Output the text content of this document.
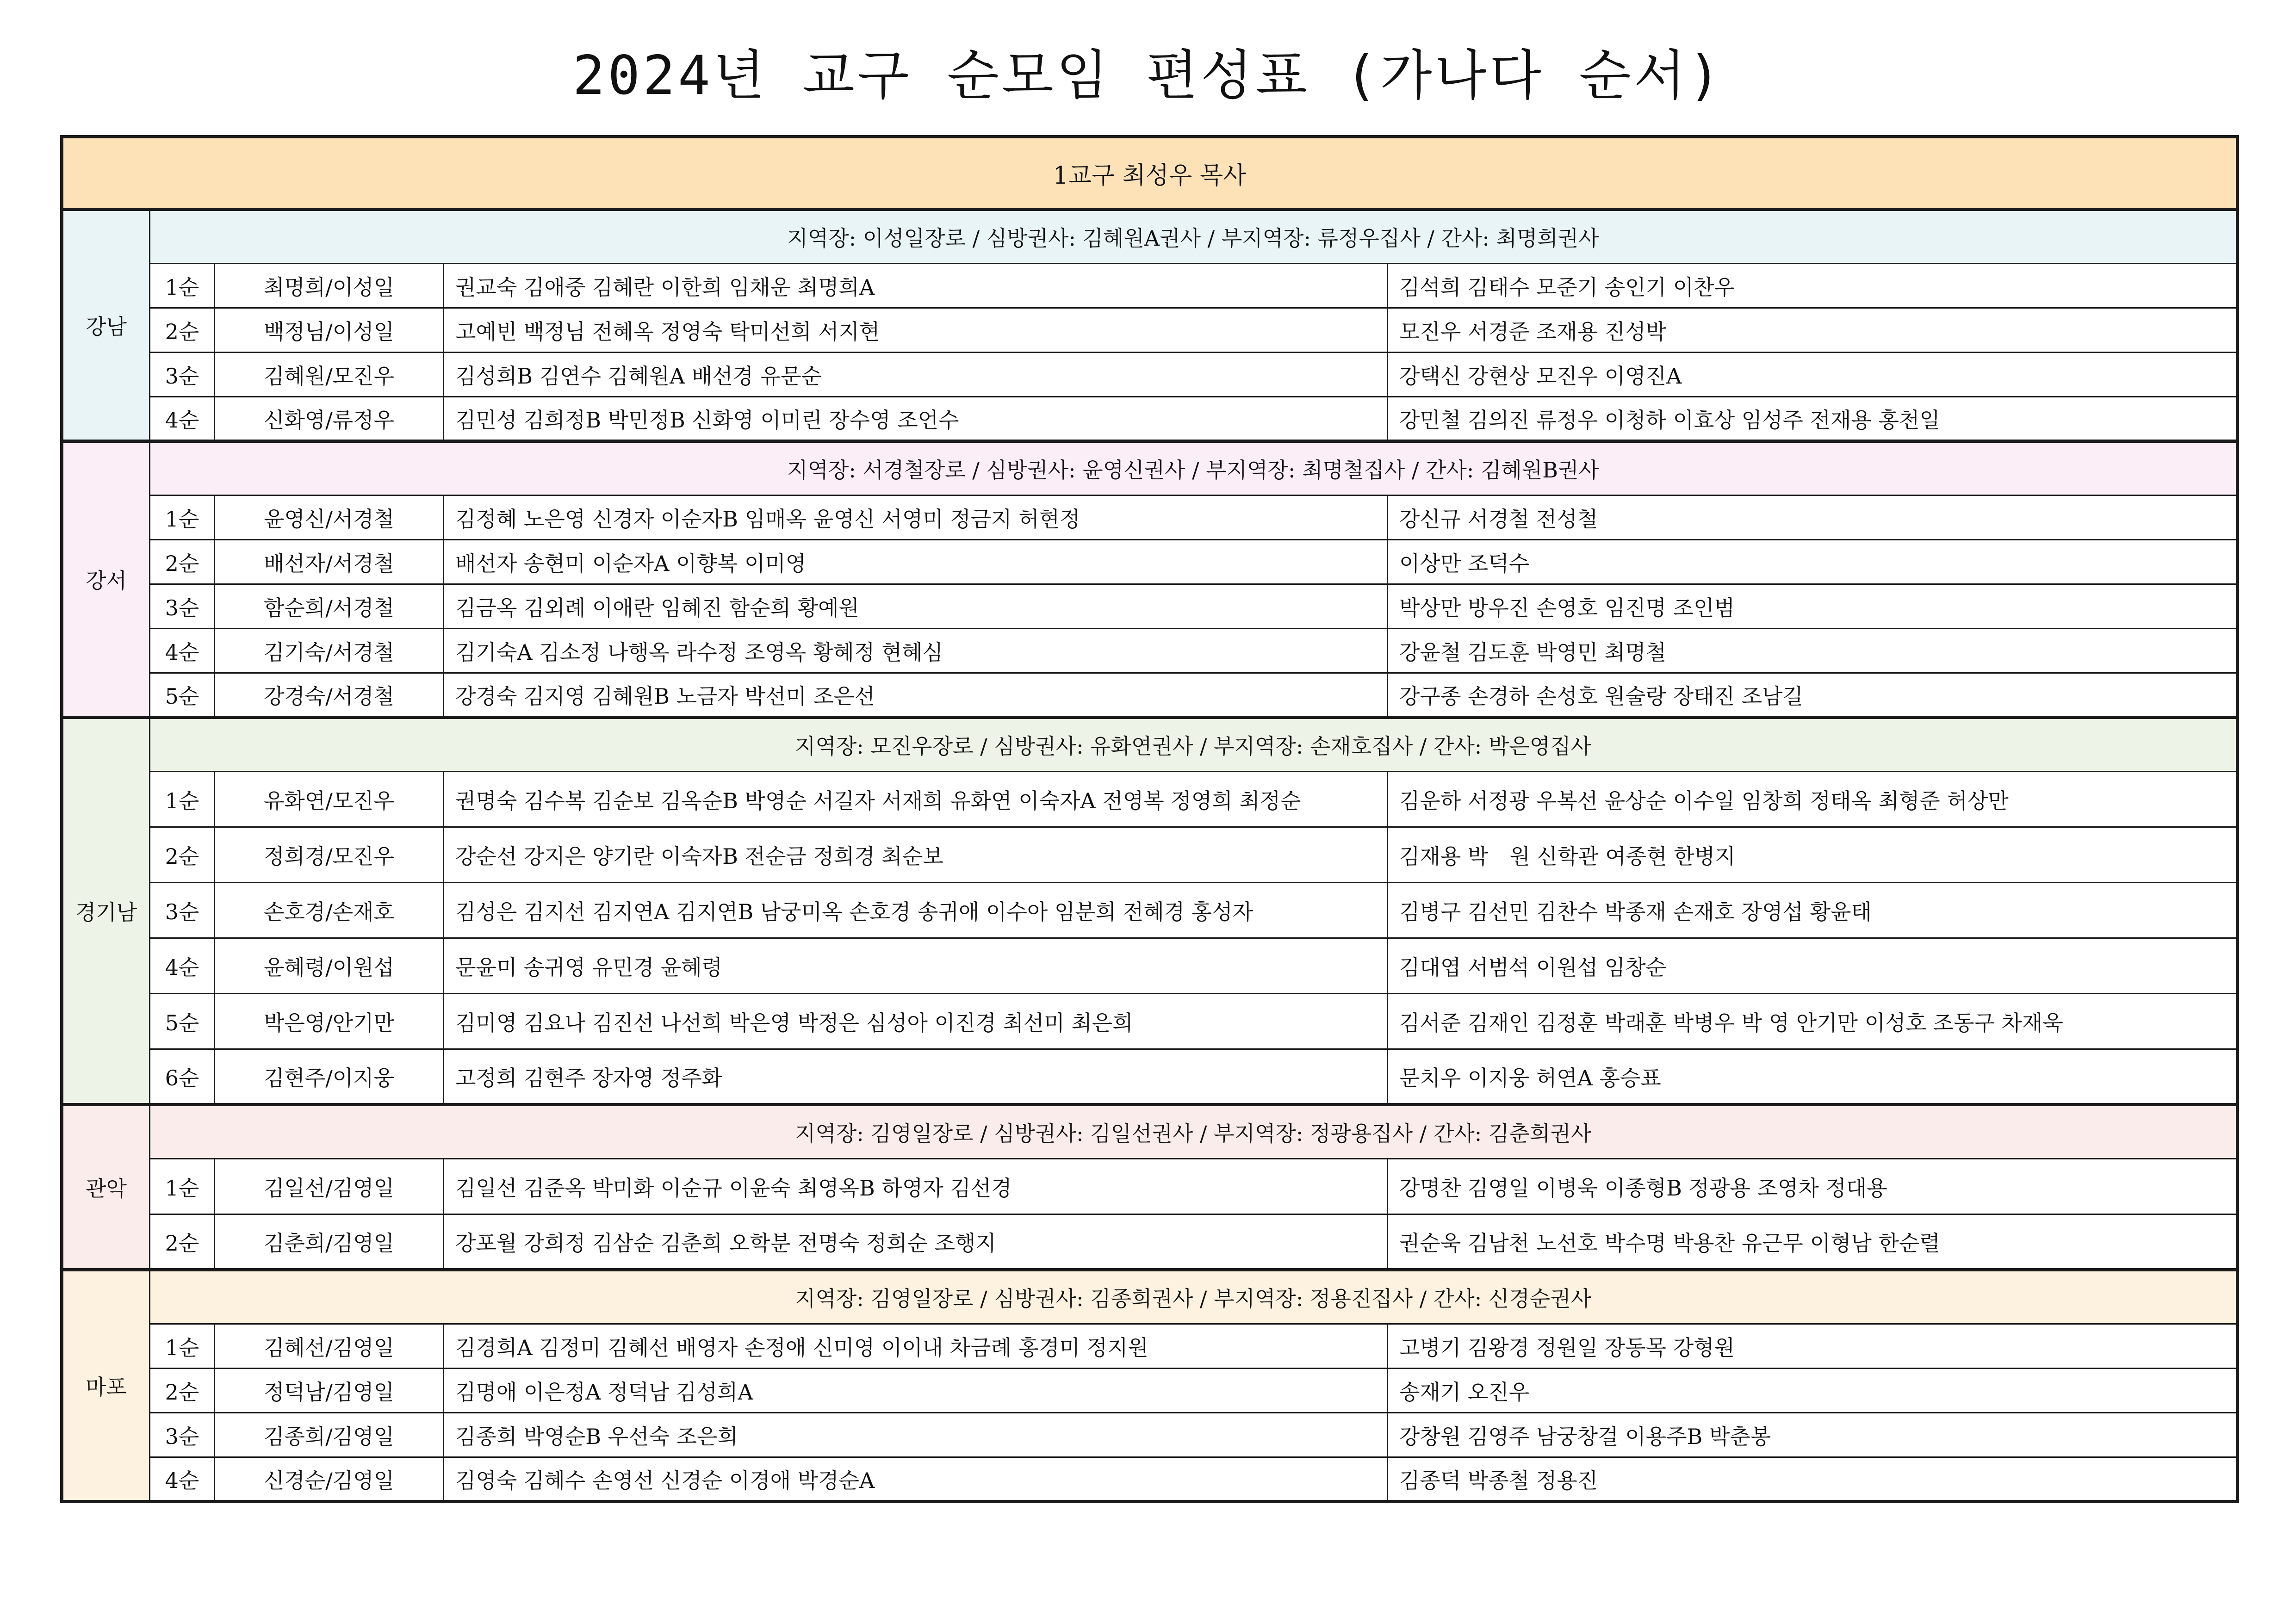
2024년 교구 순모임 편성표 (가나다 순서)
1교구 최성우 목사				
강남	지역장: 이성일장로 / 심방권사: 김혜원A권사 / 부지역장: 류정우집사 / 간사: 최명희권사			
	1순	최명희/이성일	권교숙 김애중 김혜란 이한희 임채운 최명희A	김석희 김태수 모준기 송인기 이찬우
	2순	백정님/이성일	고예빈 백정님 전혜옥 정영숙 탁미선희 서지현	모진우 서경준 조재용 진성박
	3순	김혜원/모진우	김성희B 김연수 김혜원A 배선경 유문순	강택신 강현상 모진우 이영진A
	4순	신화영/류정우	김민성 김희정B 박민정B 신화영 이미린 장수영 조언수	강민철 김의진 류정우 이청하 이효상 임성주 전재용 홍천일
강서	지역장: 서경철장로 / 심방권사: 윤영신권사 / 부지역장: 최명철집사 / 간사: 김혜원B권사			
	1순	윤영신/서경철	김정혜 노은영 신경자 이순자B 임매옥 윤영신 서영미 정금지 허현정	강신규 서경철 전성철
	2순	배선자/서경철	배선자 송현미 이순자A 이향복 이미영	이상만 조덕수
	3순	함순희/서경철	김금옥 김외례 이애란 임혜진 함순희 황예원	박상만 방우진 손영호 임진명 조인범
	4순	김기숙/서경철	김기숙A 김소정 나행옥 라수정 조영옥 황혜정 현혜심	강윤철 김도훈 박영민 최명철
	5순	강경숙/서경철	강경숙 김지영 김혜원B 노금자 박선미 조은선	강구종 손경하 손성호 원술랑 장태진 조남길
경기남	지역장: 모진우장로 / 심방권사: 유화연권사 / 부지역장: 손재호집사 / 간사: 박은영집사			
	1순	유화연/모진우	권명숙 김수복 김순보 김옥순B 박영순 서길자 서재희 유화연 이숙자A 전영복 정영희 최정순	김운하 서정광 우복선 윤상순 이수일 임창희 정태옥 최형준 허상만
	2순	정희경/모진우	강순선 강지은 양기란 이숙자B 전순금 정희경 최순보	김재용 박　원 신학관 여종현 한병지
	3순	손호경/손재호	김성은 김지선 김지연A 김지연B 남궁미옥 손호경 송귀애 이수아 임분희 전혜경 홍성자	김병구 김선민 김찬수 박종재 손재호 장영섭 황윤태
	4순	윤혜령/이원섭	문윤미 송귀영 유민경 윤혜령	김대엽 서범석 이원섭 임창순
	5순	박은영/안기만	김미영 김요나 김진선 나선희 박은영 박정은 심성아 이진경 최선미 최은희	김서준 김재인 김정훈 박래훈 박병우 박 영 안기만 이성호 조동구 차재욱
	6순	김현주/이지웅	고정희 김현주 장자영 정주화	문치우 이지웅 허연A 홍승표
관악	지역장: 김영일장로 / 심방권사: 김일선권사 / 부지역장: 정광용집사 / 간사: 김춘희권사			
	1순	김일선/김영일	김일선 김준옥 박미화 이순규 이윤숙 최영옥B 하영자 김선경	강명찬 김영일 이병욱 이종형B 정광용 조영차 정대용
	2순	김춘희/김영일	강포월 강희정 김삼순 김춘희 오학분 전명숙 정희순 조행지	권순욱 김남천 노선호 박수명 박용찬 유근무 이형남 한순렬
마포	지역장: 김영일장로 / 심방권사: 김종희권사 / 부지역장: 정용진집사 / 간사: 신경순권사			
	1순	김혜선/김영일	김경희A 김정미 김혜선 배영자 손정애 신미영 이이내 차금례 홍경미 정지원	고병기 김왕경 정원일 장동목 강형원
	2순	정덕남/김영일	김명애 이은정A 정덕남 김성희A	송재기 오진우
	3순	김종희/김영일	김종희 박영순B 우선숙 조은희	강창원 김영주 남궁창걸 이용주B 박춘봉
	4순	신경순/김영일	김영숙 김혜수 손영선 신경순 이경애 박경순A	김종덕 박종철 정용진
